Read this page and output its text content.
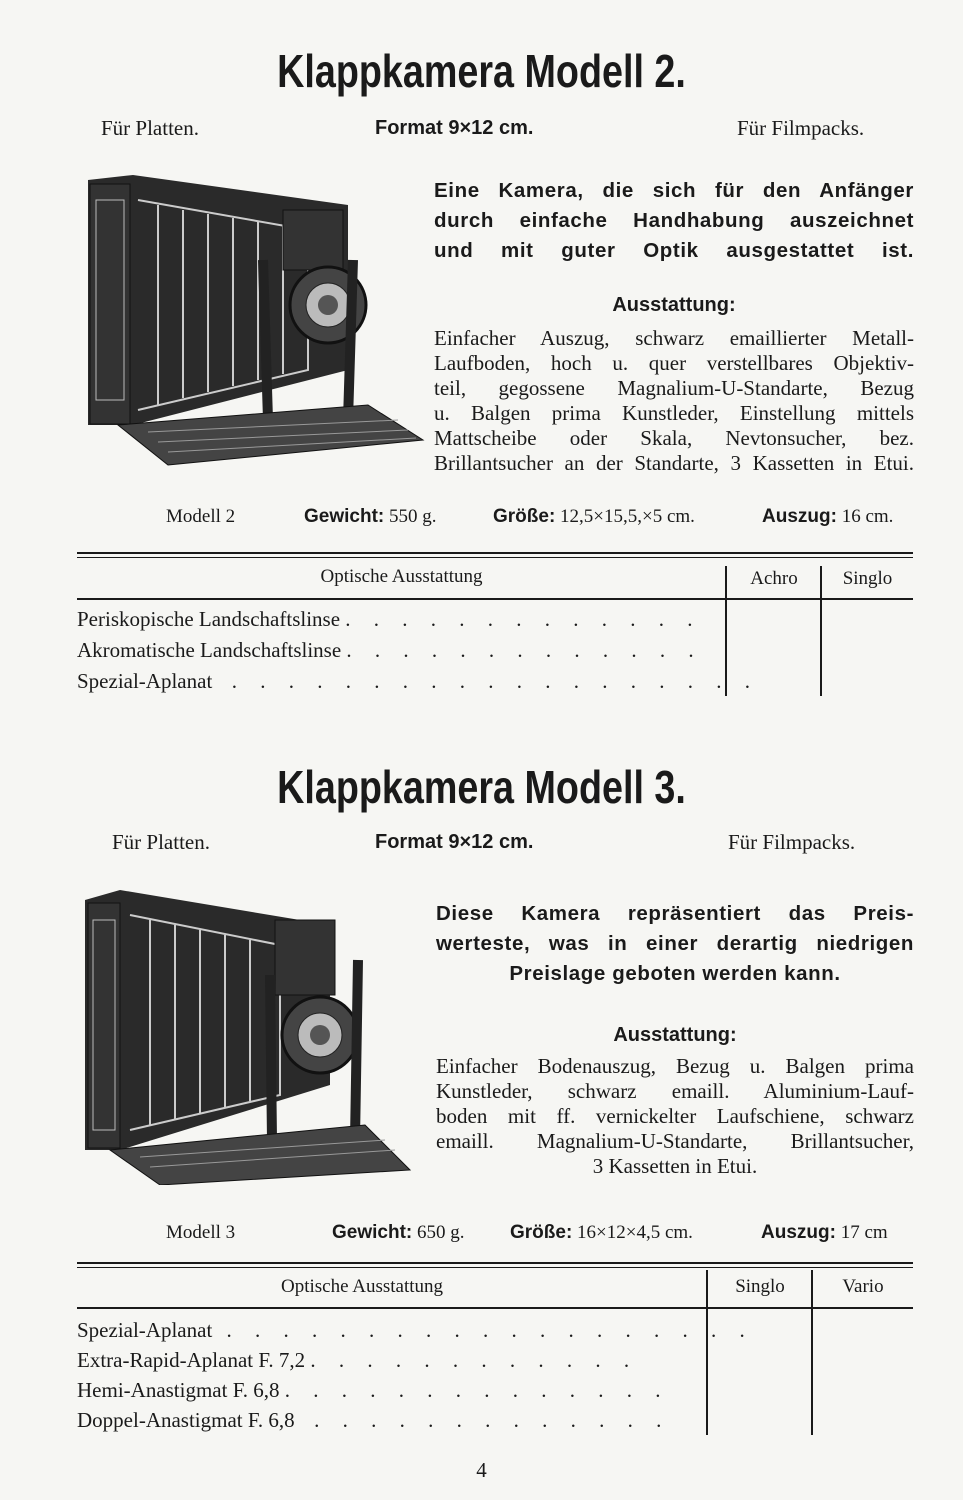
Klappkamera Modell 2.
Für Platten.	Format 9×12 cm.	Für Filmpacks.
Eine Kamera, die sich für den Anfänger
durch einfache Handhabung auszeichnet
und mit guter Optik ausgestattet ist.
Ausstattung:
Einfacher Auszug, schwarz emaillierter Metall-
Laufboden, hoch u. quer verstellbares Objektiv-
teil, gegossene Magnalium-U-Standarte, Bezug
u. Balgen prima Kunstleder, Einstellung mittels
Mattscheibe oder Skala, Nevtonsucher, bez.
Brillantsucher an der Standarte, 3 Kassetten in Etui.
Modell 2	Gewicht: 550 g.	Größe: 12,5×15,5,×5 cm.	Auszug: 16 cm.
Optische Ausstattung	Achro	Singlo
Periskopische Landschaftslinse . . . . . . . . . . . . .
Akromatische Landschaftslinse . . . . . . . . . . . . .
Spezial-Aplanat  . . . . . . . . . . . . . . . . . . .
Klappkamera Modell 3.
Für Platten.	Format 9×12 cm.	Für Filmpacks.
Diese Kamera repräsentiert das Preis-
werteste, was in einer derartig niedrigen
Preislage geboten werden kann.
Ausstattung:
Einfacher Bodenauszug, Bezug u. Balgen prima
Kunstleder, schwarz emaill. Aluminium-Lauf-
boden mit ff. vernickelter Laufschiene, schwarz
emaill. Magnalium-U-Standarte, Brillantsucher,
3 Kassetten in Etui.
Modell 3	Gewicht: 650 g. Größe: 16×12×4,5 cm.	Auszug: 17 cm
Optische Ausstattung	Singlo	Vario
Spezial-Aplanat . . . . . . . . . . . . . . . . . . .
Extra-Rapid-Aplanat F. 7,2 . . . . . . . . . . . .
Hemi-Anastigmat F. 6,8 . . . . . . . . . . . . . .
Doppel-Anastigmat F. 6,8  . . . . . . . . . . . . .
4
